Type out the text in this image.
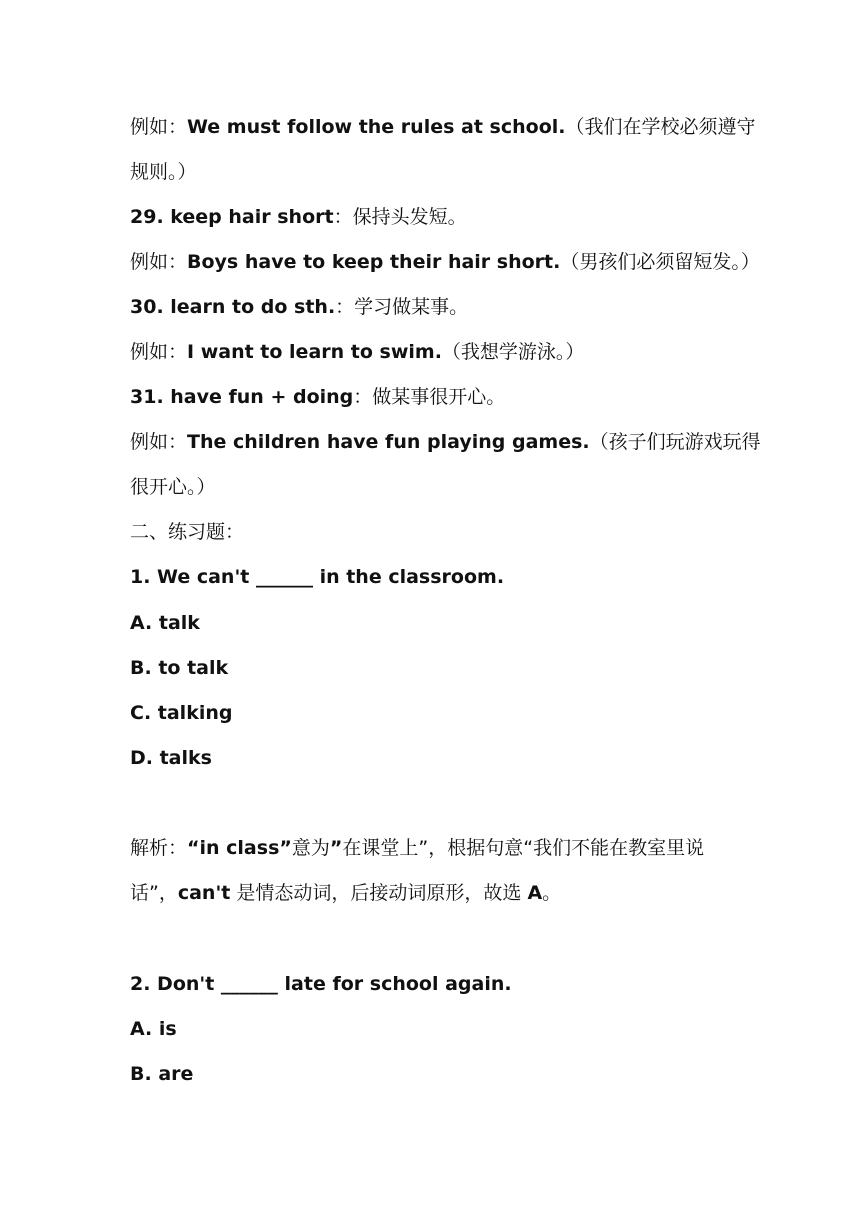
例如：We must follow the rules at school.（我们在学校必须遵守
规则。）
29. keep hair short：保持头发短。
例如：Boys have to keep their hair short.（男孩们必须留短发。）
30. learn to do sth.：学习做某事。
例如：I want to learn to swim.（我想学游泳。）
31. have fun + doing：做某事很开心。
例如：The children have fun playing games.（孩子们玩游戏玩得
很开心。）
二、练习题：
1. We can't ______ in the classroom.
A. talk
B. to talk
C. talking
D. talks
解析：“in class”意为”在课堂上”，根据句意“我们不能在教室里说
话”，can't 是情态动词，后接动词原形，故选 A。
2. Don't ______ late for school again.
A. is
B. are
